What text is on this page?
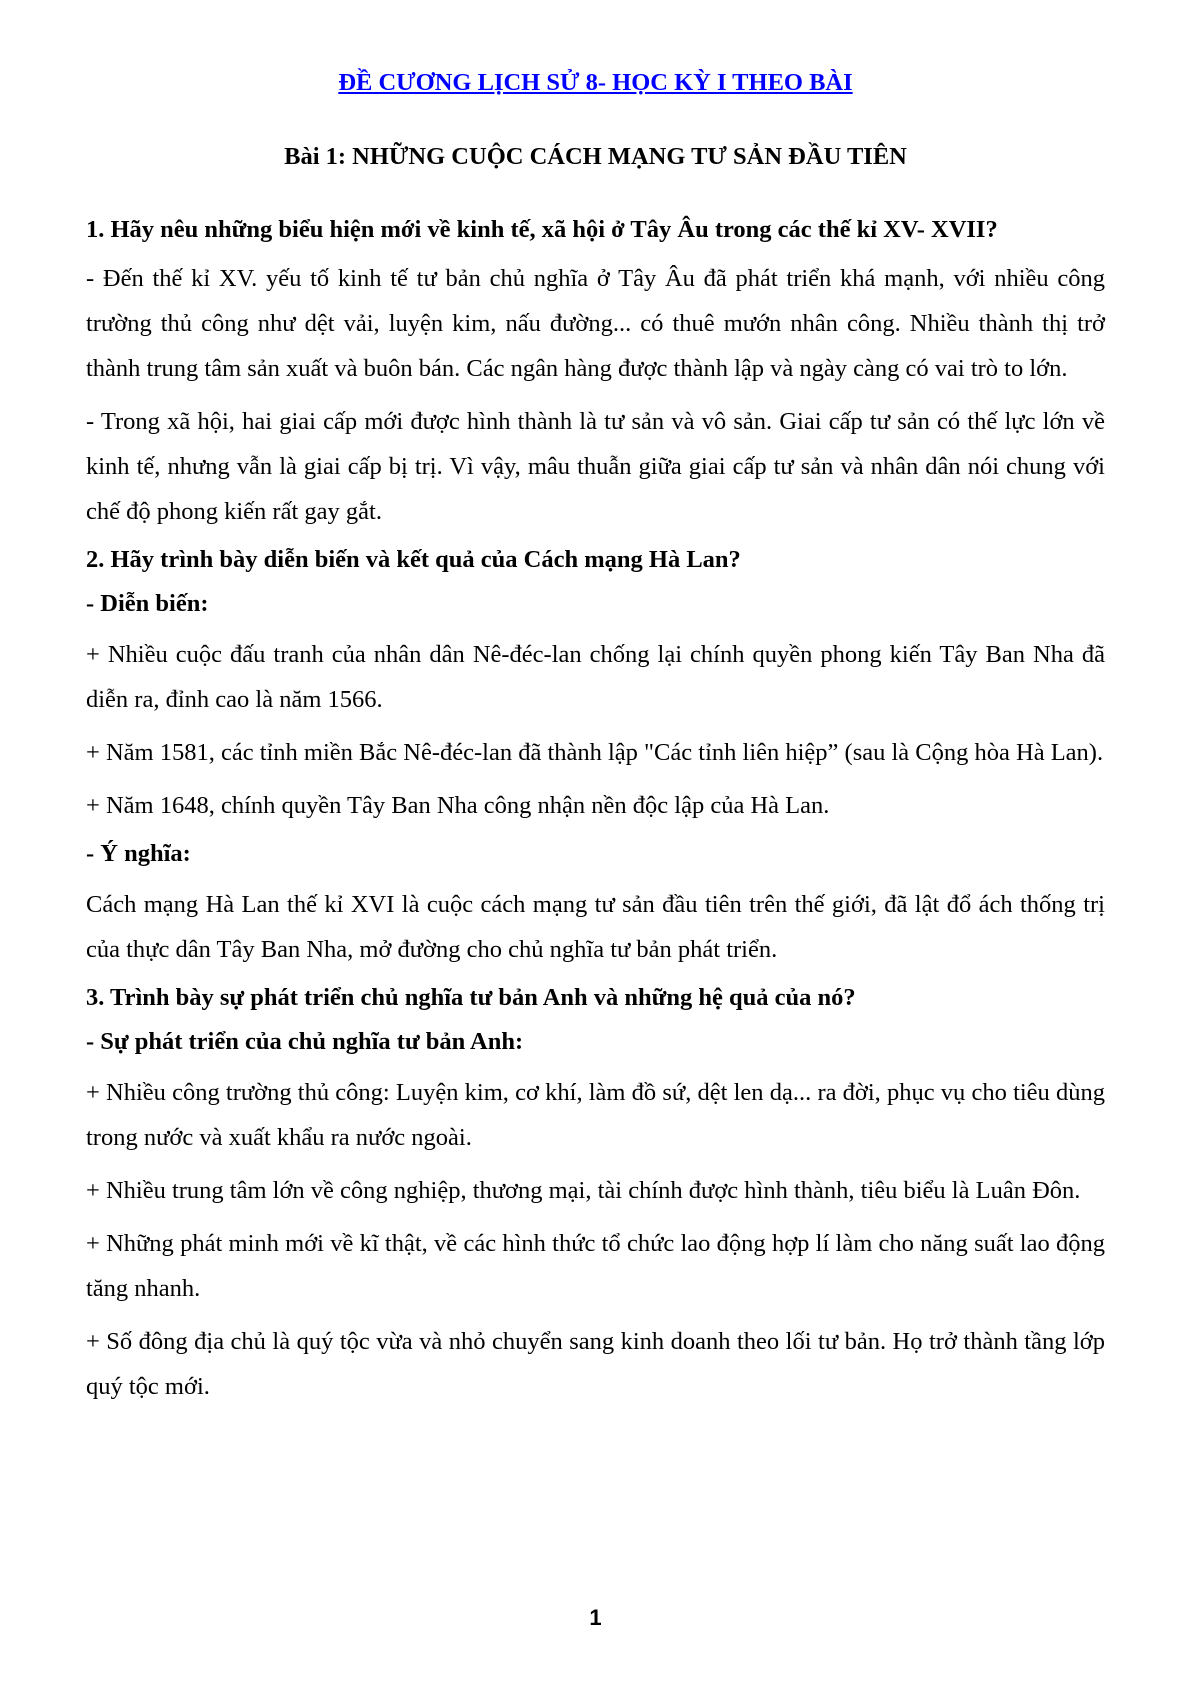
ĐỀ CƯƠNG LỊCH SỬ 8- HỌC KỲ I THEO BÀI
Bài 1: NHỮNG CUỘC CÁCH MẠNG TƯ SẢN ĐẦU TIÊN
1. Hãy nêu những biểu hiện mới về kinh tế, xã hội ở Tây Âu trong các thế kỉ XV- XVII?
- Đến thế kỉ XV. yếu tố kinh tế tư bản chủ nghĩa ở Tây Âu đã phát triển khá mạnh, với nhiều công trường thủ công như dệt vải, luyện kim, nấu đường... có thuê mướn nhân công. Nhiều thành thị trở thành trung tâm sản xuất và buôn bán. Các ngân hàng được thành lập và ngày càng có vai trò to lớn.
- Trong xã hội, hai giai cấp mới được hình thành là tư sản và vô sản. Giai cấp tư sản có thế lực lớn về kinh tế, nhưng vẫn là giai cấp bị trị. Vì vậy, mâu thuẫn giữa giai cấp tư sản và nhân dân nói chung với chế độ phong kiến rất gay gắt.
2. Hãy trình bày diễn biến và kết quả của Cách mạng Hà Lan?
- Diễn biến:
+ Nhiều cuộc đấu tranh của nhân dân Nê-đéc-lan chống lại chính quyền phong kiến Tây Ban Nha đã diễn ra, đỉnh cao là năm 1566.
+ Năm 1581, các tỉnh miền Bắc Nê-đéc-lan đã thành lập "Các tỉnh liên hiệp” (sau là Cộng hòa Hà Lan).
+ Năm 1648, chính quyền Tây Ban Nha công nhận nền độc lập của Hà Lan.
- Ý nghĩa:
Cách mạng Hà Lan thế kỉ XVI là cuộc cách mạng tư sản đầu tiên trên thế giới, đã lật đổ ách thống trị của thực dân Tây Ban Nha, mở đường cho chủ nghĩa tư bản phát triển.
3. Trình bày sự phát triển chủ nghĩa tư bản Anh và những hệ quả của nó?
- Sự phát triển của chủ nghĩa tư bản Anh:
+ Nhiều công trường thủ công: Luyện kim, cơ khí, làm đồ sứ, dệt len dạ... ra đời, phục vụ cho tiêu dùng trong nước và xuất khẩu ra nước ngoài.
+ Nhiều trung tâm lớn về công nghiệp, thương mại, tài chính được hình thành, tiêu biểu là Luân Đôn.
+ Những phát minh mới về kĩ thật, về các hình thức tổ chức lao động hợp lí làm cho năng suất lao động tăng nhanh.
+ Số đông địa chủ là quý tộc vừa và nhỏ chuyển sang kinh doanh theo lối tư bản. Họ trở thành tầng lớp quý tộc mới.
1
